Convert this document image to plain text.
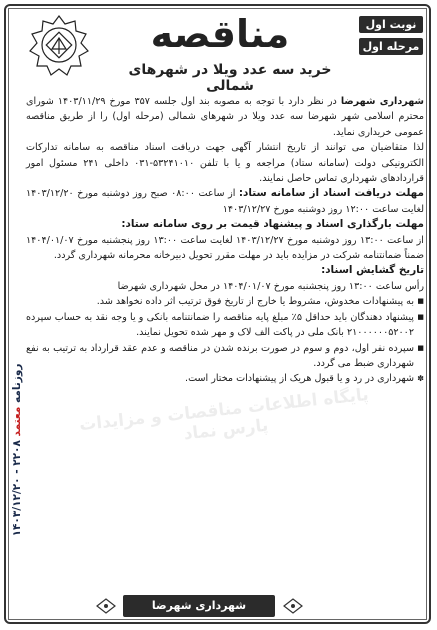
نوبت اول
مرحله اول
مناقصه
خرید سه عدد ویلا در شهرهای شمالی
روزنامه معتمد ۲۲۰۸ - ۱۴۰۳/۱۲/۲۰
پایگاه اطلاعات مناقصات و مزایدات پارس نماد

شهرداری شهرضا در نظر دارد با توجه به مصوبه بند اول جلسه ۳۵۷ مورخ ۱۴۰۳/۱۱/۲۹ شورای محترم اسلامی شهر شهرضا سه عدد ویلا در شهرهای شمالی (مرحله اول) را از طریق مناقصه عمومی خریداری نماید.

لذا متقاضیان می توانند از تاریخ انتشار آگهی جهت دریافت اسناد مناقصه به سامانه تدارکات الکترونیکی دولت (سامانه ستاد) مراجعه و یا با تلفن ۵۳۲۴۱۰۱۰-۰۳۱ داخلی ۲۴۱ مسئول امور قراردادهای شهرداری تماس حاصل نمایند.

مهلت دریافت اسناد از سامانه ستاد: از ساعت ۰۸:۰۰ صبح روز دوشنبه مورخ ۱۴۰۳/۱۲/۲۰ لغایت ساعت ۱۲:۰۰ روز دوشنبه مورخ ۱۴۰۳/۱۲/۲۷

مهلت بارگذاری اسناد و پیشنهاد قیمت بر روی سامانه ستاد:

از ساعت ۱۳:۰۰ روز دوشنبه مورخ ۱۴۰۳/۱۲/۲۷ لغایت ساعت ۱۳:۰۰ روز پنجشنبه مورخ ۱۴۰۴/۰۱/۰۷ ضمناً ضمانتنامه شرکت در مزایده باید در مهلت مقرر تحویل دبیرخانه محرمانه شهرداری گردد.

تاریخ گشایش اسناد:

رأس ساعت ۱۳:۰۰ روز پنجشنبه مورخ ۱۴۰۴/۰۱/۰۷ در محل شهرداری شهرضا

■ به پیشنهادات مخدوش، مشروط یا خارج از تاریخ فوق ترتیب اثر داده نخواهد شد.
■ پیشنهاد دهندگان باید حداقل ۵٪ مبلغ پایه مناقصه را ضمانتنامه بانکی و یا وجه نقد به حساب سپرده ۲۱۰۰۰۰۰۰۵۲۰۰۲ بانک ملی در پاکت الف لاک و مهر شده تحویل نمایند.
■ سپرده نفر اول، دوم و سوم در صورت برنده شدن در مناقصه و عدم عقد قرارداد به ترتیب به نفع شهرداری ضبط می گردد.
✽ شهرداری در رد و یا قبول هریک از پیشنهادات مختار است.
شهرداری شهرضا
